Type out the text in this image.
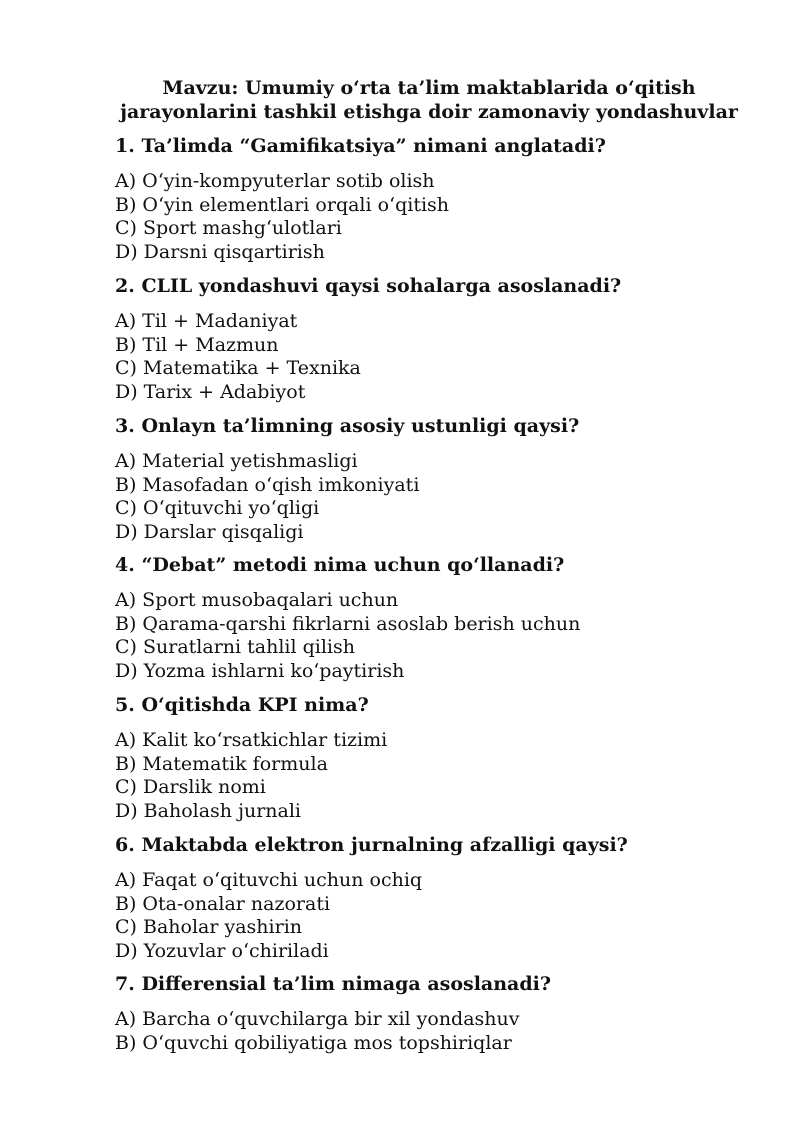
Mavzu: Umumiy o‘rta ta’lim maktablarida o‘qitish
jarayonlarini tashkil etishga doir zamonaviy yondashuvlar

1. Ta’limda “Gamifikatsiya” nimani anglatadi?

A) O‘yin-kompyuterlar sotib olish
B) O‘yin elementlari orqali o‘qitish
C) Sport mashg‘ulotlari
D) Darsni qisqartirish

2. CLIL yondashuvi qaysi sohalarga asoslanadi?

A) Til + Madaniyat
B) Til + Mazmun
C) Matematika + Texnika
D) Tarix + Adabiyot

3. Onlayn ta’limning asosiy ustunligi qaysi?

A) Material yetishmasligi
B) Masofadan o‘qish imkoniyati
C) O‘qituvchi yo‘qligi
D) Darslar qisqaligi

4. “Debat” metodi nima uchun qo‘llanadi?

A) Sport musobaqalari uchun
B) Qarama-qarshi fikrlarni asoslab berish uchun
C) Suratlarni tahlil qilish
D) Yozma ishlarni ko‘paytirish

5. O‘qitishda KPI nima?

A) Kalit ko‘rsatkichlar tizimi
B) Matematik formula
C) Darslik nomi
D) Baholash jurnali

6. Maktabda elektron jurnalning afzalligi qaysi?

A) Faqat o‘qituvchi uchun ochiq
B) Ota-onalar nazorati
C) Baholar yashirin
D) Yozuvlar o‘chiriladi

7. Differensial ta’lim nimaga asoslanadi?

A) Barcha o‘quvchilarga bir xil yondashuv
B) O‘quvchi qobiliyatiga mos topshiriqlar
